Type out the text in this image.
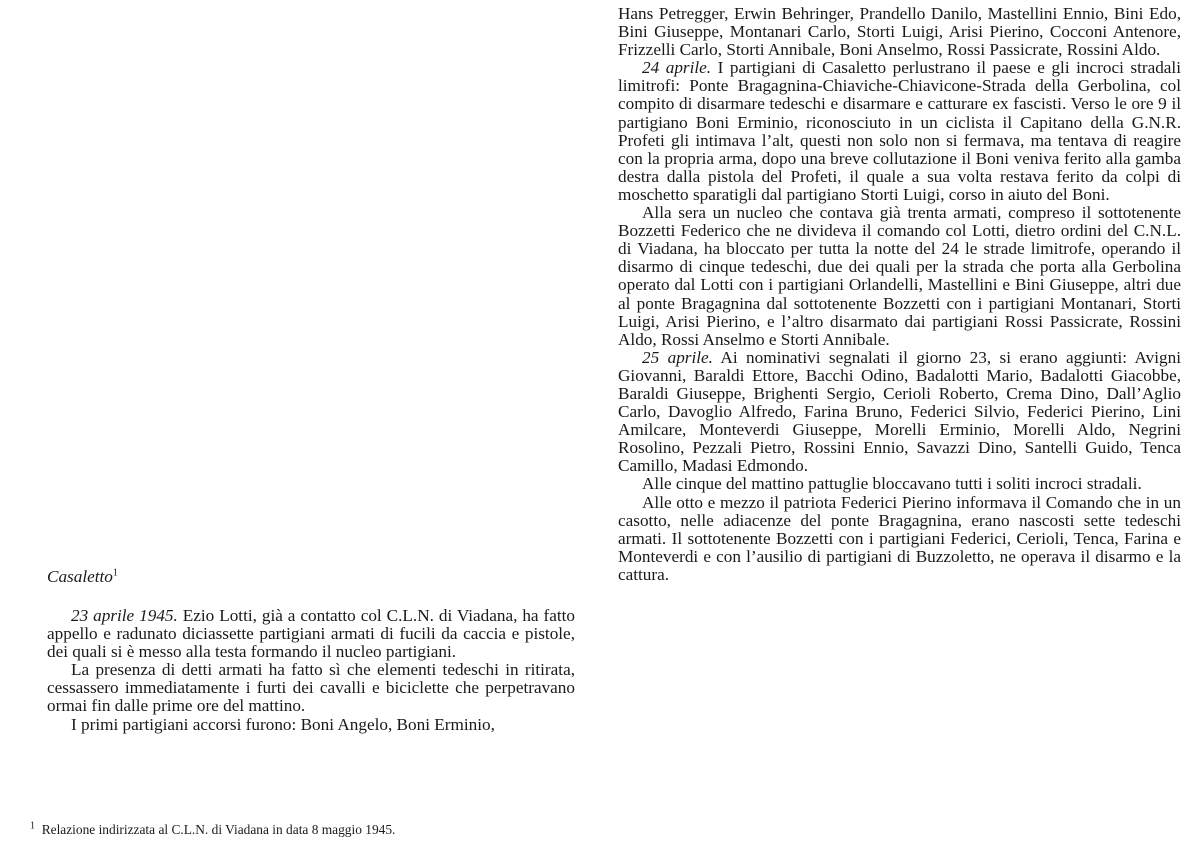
Casaletto$^1$

23 aprile 1945. Ezio Lotti, già a contatto col C.L.N. di Viadana, ha fatto appello e radunato diciassette partigiani armati di fucili da caccia e pistole, dei quali si è messo alla testa formando il nucleo partigiani.

La presenza di detti armati ha fatto sì che elementi tedeschi in ritirata, cessassero immediatamente i furti dei cavalli e biciclette che perpetravano ormai fin dalle prime ore del mattino.

I primi partigiani accorsi furono: Boni Angelo, Boni Erminio,

$^1$ Relazione indirizzata al C.L.N. di Viadana in data 8 maggio 1945.

Hans Petregger, Erwin Behringer, Prandello Danilo, Mastellini Ennio, Bini Edo, Bini Giuseppe, Montanari Carlo, Storti Luigi, Arisi Pierino, Cocconi Antenore, Frizzelli Carlo, Storti Annibale, Boni Anselmo, Rossi Passicrate, Rossini Aldo.

24 aprile. I partigiani di Casaletto perlustrano il paese e gli incroci stradali limitrofi: Ponte Bragagnina-Chiaviche-Chiavicone-Strada della Gerbolina, col compito di disarmare tedeschi e disarmare e catturare ex fascisti. Verso le ore 9 il partigiano Boni Erminio, riconosciuto in un ciclista il Capitano della G.N.R. Profeti gli intimava l’alt, questi non solo non si fermava, ma tentava di reagire con la propria arma, dopo una breve collutazione il Boni veniva ferito alla gamba destra dalla pistola del Profeti, il quale a sua volta restava ferito da colpi di moschetto sparatigli dal partigiano Storti Luigi, corso in aiuto del Boni.

Alla sera un nucleo che contava già trenta armati, compreso il sottotenente Bozzetti Federico che ne divideva il comando col Lotti, dietro ordini del C.N.L. di Viadana, ha bloccato per tutta la notte del 24 le strade limitrofe, operando il disarmo di cinque tedeschi, due dei quali per la strada che porta alla Gerbolina operato dal Lotti con i partigiani Orlandelli, Mastellini e Bini Giuseppe, altri due al ponte Bragagnina dal sottotenente Bozzetti con i partigiani Montanari, Storti Luigi, Arisi Pierino, e l’altro disarmato dai partigiani Rossi Passicrate, Rossini Aldo, Rossi Anselmo e Storti Annibale.

25 aprile. Ai nominativi segnalati il giorno 23, si erano aggiunti: Avigni Giovanni, Baraldi Ettore, Bacchi Odino, Badalotti Mario, Badalotti Giacobbe, Baraldi Giuseppe, Brighenti Sergio, Cerioli Roberto, Crema Dino, Dall’Aglio Carlo, Davoglio Alfredo, Farina Bruno, Federici Silvio, Federici Pierino, Lini Amilcare, Monteverdi Giuseppe, Morelli Erminio, Morelli Aldo, Negrini Rosolino, Pezzali Pietro, Rossini Ennio, Savazzi Dino, Santelli Guido, Tenca Camillo, Madasi Edmondo.

Alle cinque del mattino pattuglie bloccavano tutti i soliti incroci stradali.

Alle otto e mezzo il patriota Federici Pierino informava il Comando che in un casotto, nelle adiacenze del ponte Bragagnina, erano nascosti sette tedeschi armati. Il sottotenente Bozzetti con i partigiani Federici, Cerioli, Tenca, Farina e Monteverdi e con l’ausilio di partigiani di Buzzoletto, ne operava il disarmo e la cattura.
